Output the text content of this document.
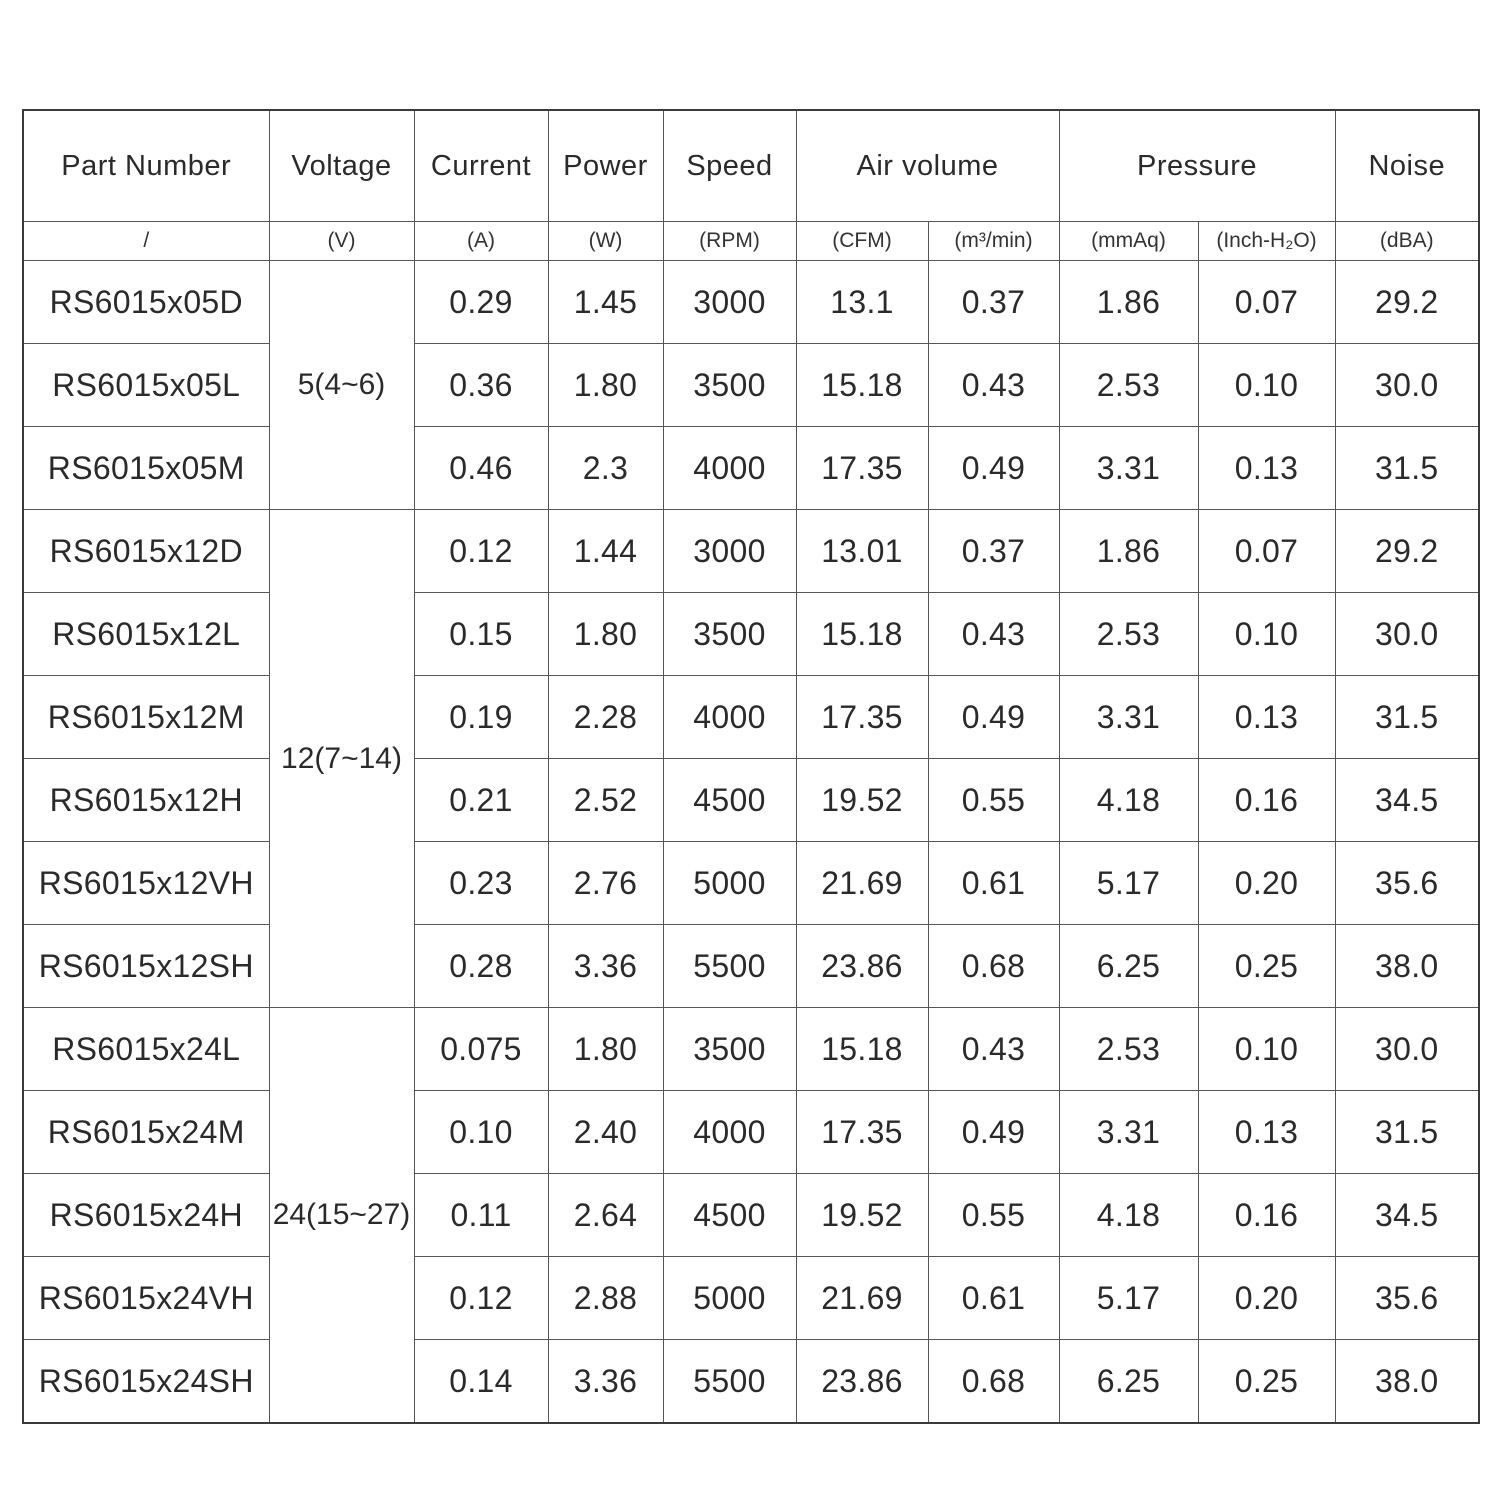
Part Number	Voltage	Current	Power	Speed	Air volume		Pressure		Noise
/	(V)	(A)	(W)	(RPM)	(CFM)	(m³/min)	(mmAq)	(Inch-H₂O)	(dBA)
RS6015x05D	5(4~6)	0.29	1.45	3000	13.1	0.37	1.86	0.07	29.2
RS6015x05L		0.36	1.80	3500	15.18	0.43	2.53	0.10	30.0
RS6015x05M		0.46	2.3	4000	17.35	0.49	3.31	0.13	31.5
RS6015x12D	12(7~14)	0.12	1.44	3000	13.01	0.37	1.86	0.07	29.2
RS6015x12L		0.15	1.80	3500	15.18	0.43	2.53	0.10	30.0
RS6015x12M		0.19	2.28	4000	17.35	0.49	3.31	0.13	31.5
RS6015x12H		0.21	2.52	4500	19.52	0.55	4.18	0.16	34.5
RS6015x12VH		0.23	2.76	5000	21.69	0.61	5.17	0.20	35.6
RS6015x12SH		0.28	3.36	5500	23.86	0.68	6.25	0.25	38.0
RS6015x24L	24(15~27)	0.075	1.80	3500	15.18	0.43	2.53	0.10	30.0
RS6015x24M		0.10	2.40	4000	17.35	0.49	3.31	0.13	31.5
RS6015x24H		0.11	2.64	4500	19.52	0.55	4.18	0.16	34.5
RS6015x24VH		0.12	2.88	5000	21.69	0.61	5.17	0.20	35.6
RS6015x24SH		0.14	3.36	5500	23.86	0.68	6.25	0.25	38.0
